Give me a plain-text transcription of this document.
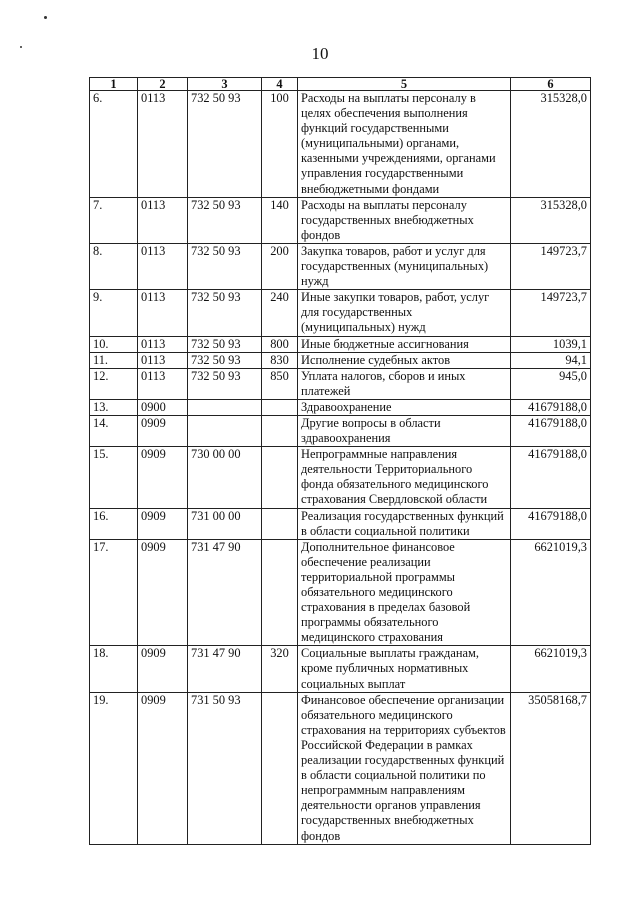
10
1	2	3	4	5	6
6.	0113	732 50 93	100	Расходы на выплаты персоналу в целях обеспечения выполнения функций государственными (муниципальными) органами, казенными учреждениями, органами управления государственными внебюджетными фондами	315328,0
7.	0113	732 50 93	140	Расходы на выплаты персоналу государственных внебюджетных фондов	315328,0
8.	0113	732 50 93	200	Закупка товаров, работ и услуг для государственных (муниципальных) нужд	149723,7
9.	0113	732 50 93	240	Иные закупки товаров, работ, услуг для государственных (муниципальных) нужд	149723,7
10.	0113	732 50 93	800	Иные бюджетные ассигнования	1039,1
11.	0113	732 50 93	830	Исполнение судебных актов	94,1
12.	0113	732 50 93	850	Уплата налогов, сборов и иных платежей	945,0
13.	0900			Здравоохранение	41679188,0
14.	0909			Другие вопросы в области здравоохранения	41679188,0
15.	0909	730 00 00		Непрограммные направления деятельности Территориального фонда обязательного медицинского страхования Свердловской области	41679188,0
16.	0909	731 00 00		Реализация государственных функций в области социальной политики	41679188,0
17.	0909	731 47 90		Дополнительное финансовое обеспечение реализации территориальной программы обязательного медицинского страхования в пределах базовой программы обязательного медицинского страхования	6621019,3
18.	0909	731 47 90	320	Социальные выплаты гражданам, кроме публичных нормативных социальных выплат	6621019,3
19.	0909	731 50 93		Финансовое обеспечение организации обязательного медицинского страхования на территориях субъектов Российской Федерации в рамках реализации государственных функций в области социальной политики по непрограммным направлениям деятельности органов управления государственных внебюджетных фондов	35058168,7
